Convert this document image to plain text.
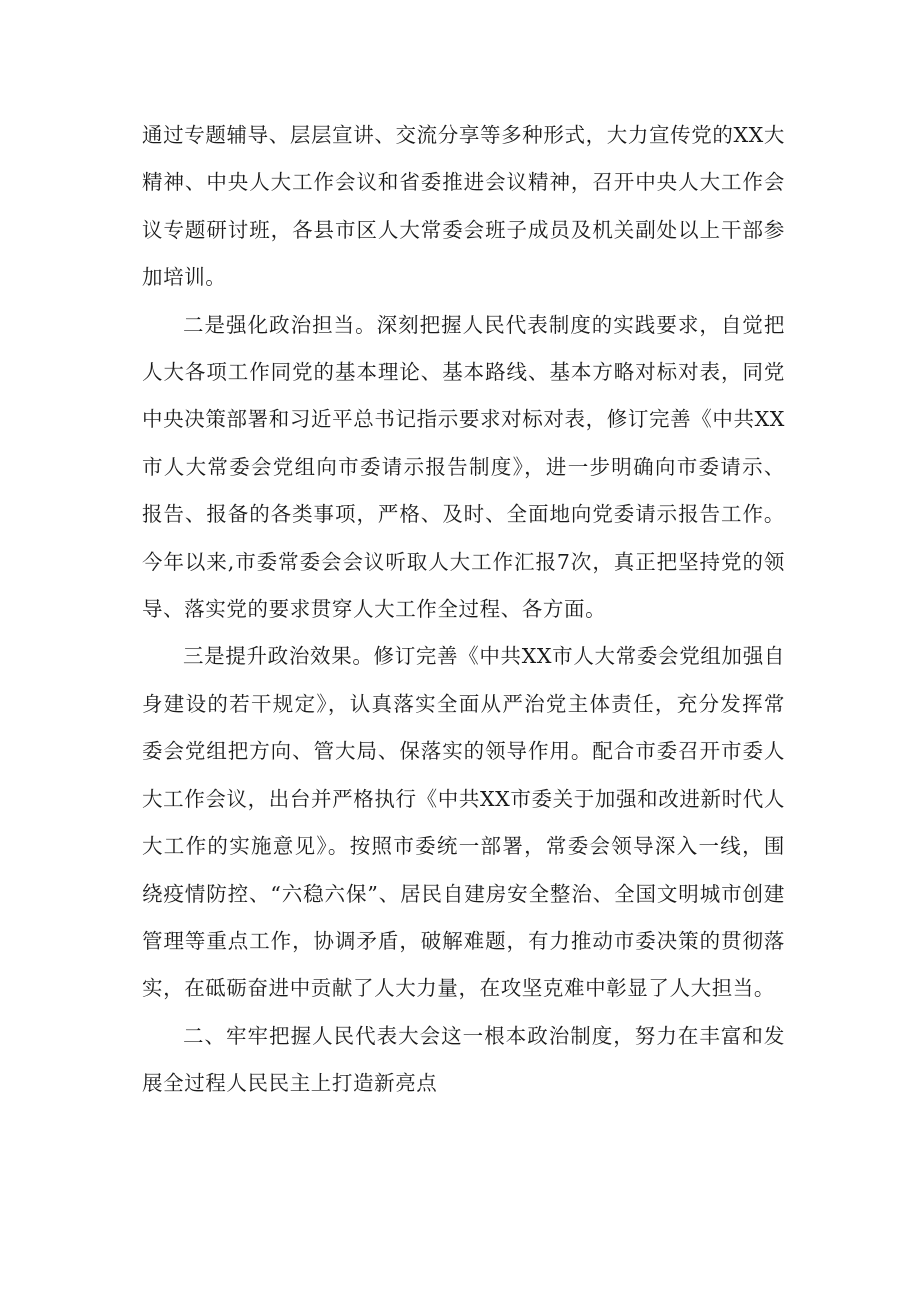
通过专题辅导、层层宣讲、交流分享等多种形式，大力宣传党的XX大精神、中央人大工作会议和省委推进会议精神，召开中央人大工作会议专题研讨班，各县市区人大常委会班子成员及机关副处以上干部参加培训。

二是强化政治担当。深刻把握人民代表制度的实践要求，自觉把人大各项工作同党的基本理论、基本路线、基本方略对标对表，同党中央决策部署和习近平总书记指示要求对标对表，修订完善《中共XX市人大常委会党组向市委请示报告制度》，进一步明确向市委请示、报告、报备的各类事项，严格、及时、全面地向党委请示报告工作。今年以来,市委常委会会议听取人大工作汇报7次，真正把坚持党的领导、落实党的要求贯穿人大工作全过程、各方面。

三是提升政治效果。修订完善《中共XX市人大常委会党组加强自身建设的若干规定》，认真落实全面从严治党主体责任，充分发挥常委会党组把方向、管大局、保落实的领导作用。配合市委召开市委人大工作会议，出台并严格执行《中共XX市委关于加强和改进新时代人大工作的实施意见》。按照市委统一部署，常委会领导深入一线，围绕疫情防控、“六稳六保”、居民自建房安全整治、全国文明城市创建管理等重点工作，协调矛盾，破解难题，有力推动市委决策的贯彻落实，在砥砺奋进中贡献了人大力量，在攻坚克难中彰显了人大担当。

二、牢牢把握人民代表大会这一根本政治制度，努力在丰富和发展全过程人民民主上打造新亮点
